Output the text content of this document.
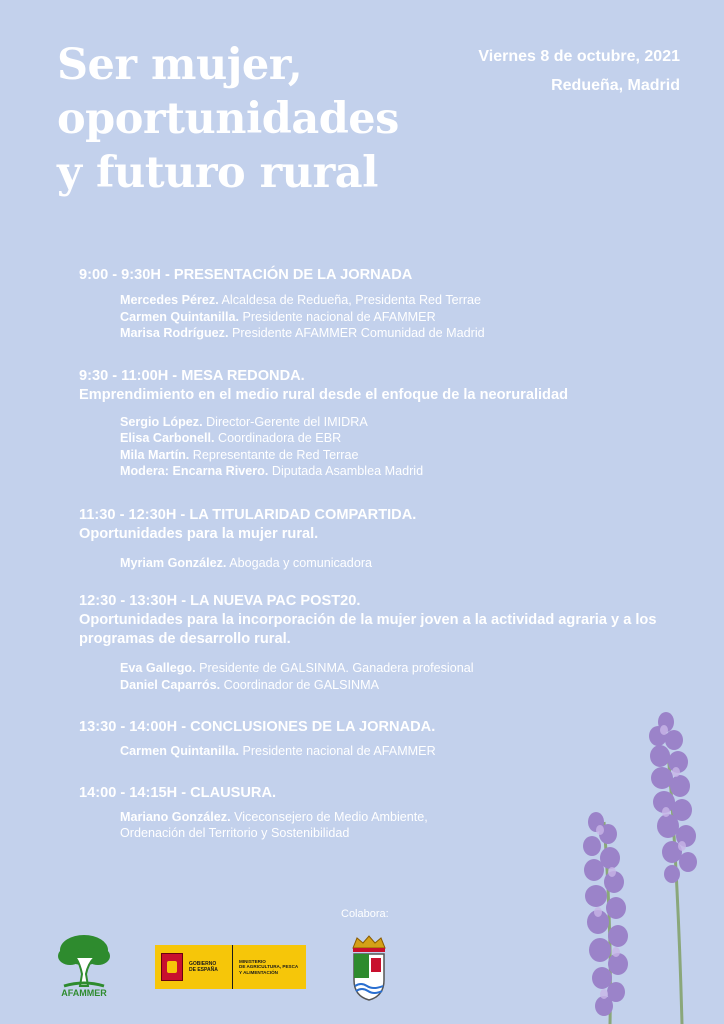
Ser mujer,
oportunidades
y futuro rural
Viernes 8 de octubre, 2021
Redueña, Madrid
9:00 - 9:30H - PRESENTACIÓN DE LA JORNADA
Mercedes Pérez. Alcaldesa de Redueña, Presidenta Red Terrae
Carmen Quintanilla. Presidente nacional de AFAMMER
Marisa Rodríguez. Presidente AFAMMER Comunidad de Madrid
9:30 - 11:00H - MESA REDONDA.
Emprendimiento en el medio rural desde el enfoque de la neoruralidad
Sergio López. Director-Gerente del IMIDRA
Elisa Carbonell. Coordinadora de EBR
Mila Martín. Representante de Red Terrae
Modera: Encarna Rivero. Diputada Asamblea Madrid
11:30 - 12:30H - LA TITULARIDAD COMPARTIDA.
Oportunidades para la mujer rural.
Myriam González. Abogada y comunicadora
12:30 - 13:30H - LA NUEVA PAC POST20.
Oportunidades para la incorporación de la mujer joven a la actividad agraria y a los programas de desarrollo rural.
Eva Gallego. Presidente de GALSINMA. Ganadera profesional
Daniel Caparrós. Coordinador de GALSINMA
13:30 - 14:00H - CONCLUSIONES DE LA JORNADA.
Carmen Quintanilla. Presidente nacional de AFAMMER
14:00 - 14:15H - CLAUSURA.
Mariano González. Viceconsejero de Medio Ambiente,
Ordenación del Territorio y Sostenibilidad
Colabora:
AFAMMER
GOBIERNO
DE ESPAÑA
MINISTERIO
DE AGRICULTURA, PESCA
Y ALIMENTACIÓN
